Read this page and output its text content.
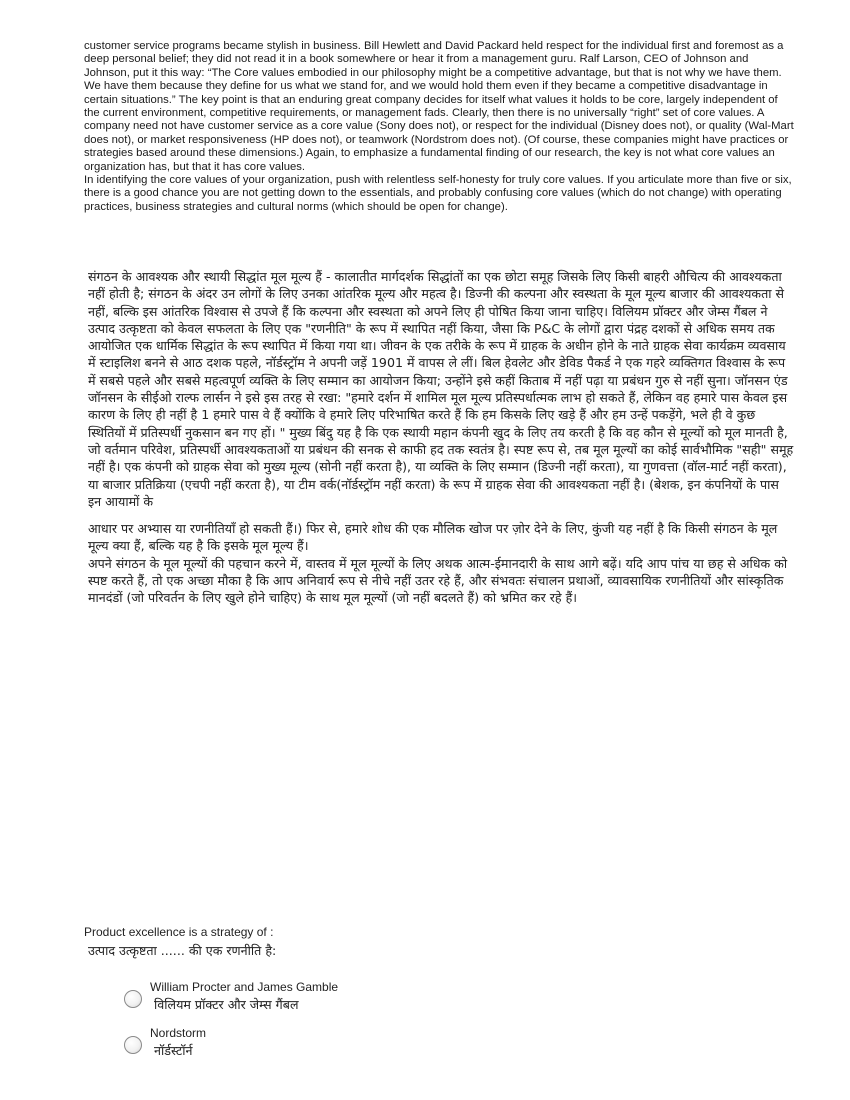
customer service programs became stylish in business. Bill Hewlett and David Packard held respect for the individual first and foremost as a deep personal belief; they did not read it in a book somewhere or hear it from a management guru. Ralf Larson, CEO of Johnson and Johnson, put it this way: “The Core values embodied in our philosophy might be a competitive advantage, but that is not why we have them. We have them because they define for us what we stand for, and we would hold them even if they became a competitive disadvantage in certain situations.” The key point is that an enduring great company decides for itself what values it holds to be core, largely independent of the current environment, competitive requirements, or management fads. Clearly, then there is no universally “right” set of core values. A company need not have customer service as a core value (Sony does not), or respect for the individual (Disney does not), or quality (Wal-Mart does not), or market responsiveness (HP does not), or teamwork (Nordstrom does not). (Of course, these companies might have practices or strategies based around these dimensions.) Again, to emphasize a fundamental finding of our research, the key is not what core values an organization has, but that it has core values.

In identifying the core values of your organization, push with relentless self-honesty for truly core values. If you articulate more than five or six, there is a good chance you are not getting down to the essentials, and probably confusing core values (which do not change) with operating practices, business strategies and cultural norms (which should be open for change).

संगठन के आवश्यक और स्थायी सिद्धांत मूल मूल्य हैं - कालातीत मार्गदर्शक सिद्धांतों का एक छोटा समूह जिसके लिए किसी बाहरी औचित्य की आवश्यकता नहीं होती है; संगठन के अंदर उन लोगों के लिए उनका आंतरिक मूल्य और महत्व है। डिज्नी की कल्पना और स्वस्थता के मूल मूल्य बाजार की आवश्यकता से नहीं, बल्कि इस आंतरिक विश्वास से उपजे हैं कि कल्पना और स्वस्थता को अपने लिए ही पोषित किया जाना चाहिए। विलियम प्रॉक्टर और जेम्स गैंबल ने उत्पाद उत्कृष्टता को केवल सफलता के लिए एक "रणनीति" के रूप में स्थापित नहीं किया, जैसा कि P&C के लोगों द्वारा पंद्रह दशकों से अधिक समय तक आयोजित एक धार्मिक सिद्धांत के रूप स्थापित में किया गया था। जीवन के एक तरीके के रूप में ग्राहक के अधीन होने के नाते ग्राहक सेवा कार्यक्रम व्यवसाय में स्टाइलिश बनने से आठ दशक पहले, नॉर्डस्ट्रॉम ने अपनी जड़ें 1901 में वापस ले लीं। बिल हेवलेट और डेविड पैकर्ड ने एक गहरे व्यक्तिगत विश्वास के रूप में सबसे पहले और सबसे महत्वपूर्ण व्यक्ति के लिए सम्मान का आयोजन किया; उन्होंने इसे कहीं किताब में नहीं पढ़ा या प्रबंधन गुरु से नहीं सुना। जॉनसन एंड जॉनसन के सीईओ राल्फ लार्सन ने इसे इस तरह से रखा: "हमारे दर्शन में शामिल मूल मूल्य प्रतिस्पर्धात्मक लाभ हो सकते हैं, लेकिन वह हमारे पास केवल इस कारण के लिए ही नहीं है 1 हमारे पास वे हैं क्योंकि वे हमारे लिए परिभाषित करते हैं कि हम किसके लिए खड़े हैं और हम उन्हें पकड़ेंगे, भले ही वे कुछ स्थितियों में प्रतिस्पर्धी नुकसान बन गए हों। " मुख्य बिंदु यह है कि एक स्थायी महान कंपनी खुद के लिए तय करती है कि वह कौन से मूल्यों को मूल मानती है, जो वर्तमान परिवेश, प्रतिस्पर्धी आवश्यकताओं या प्रबंधन की सनक से काफी हद तक स्वतंत्र है। स्पष्ट रूप से, तब मूल मूल्यों का कोई सार्वभौमिक "सही" समूह नहीं है। एक कंपनी को ग्राहक सेवा को मुख्य मूल्य (सोनी नहीं करता है), या व्यक्ति के लिए सम्मान (डिज्नी नहीं करता), या गुणवत्ता (वॉल-मार्ट नहीं करता), या बाजार प्रतिक्रिया (एचपी नहीं करता है), या टीम वर्क(नॉर्डस्ट्रॉम नहीं करता) के रूप में ग्राहक सेवा की आवश्यकता नहीं है। (बेशक, इन कंपनियों के पास इन आयामों के

आधार पर अभ्यास या रणनीतियाँ हो सकती हैं।) फिर से, हमारे शोध की एक मौलिक खोज पर ज़ोर देने के लिए, कुंजी यह नहीं है कि किसी संगठन के मूल मूल्य क्या हैं, बल्कि यह है कि इसके मूल मूल्य हैं।

अपने संगठन के मूल मूल्यों की पहचान करने में, वास्तव में मूल मूल्यों के लिए अथक आत्म-ईमानदारी के साथ आगे बढ़ें। यदि आप पांच या छह से अधिक को स्पष्ट करते हैं, तो एक अच्छा मौका है कि आप अनिवार्य रूप से नीचे नहीं उतर रहे हैं, और संभवतः संचालन प्रथाओं, व्यावसायिक रणनीतियों और सांस्कृतिक मानदंडों (जो परिवर्तन के लिए खुले होने चाहिए) के साथ मूल मूल्यों (जो नहीं बदलते हैं) को भ्रमित कर रहे हैं।

Product excellence is a strategy of :
उत्पाद उत्कृष्टता ...... की एक रणनीति है:
William Procter and James Gamble
विलियम प्रॉक्टर और जेम्स गैंबल
Nordstorm
नॉर्डस्टॉर्न
